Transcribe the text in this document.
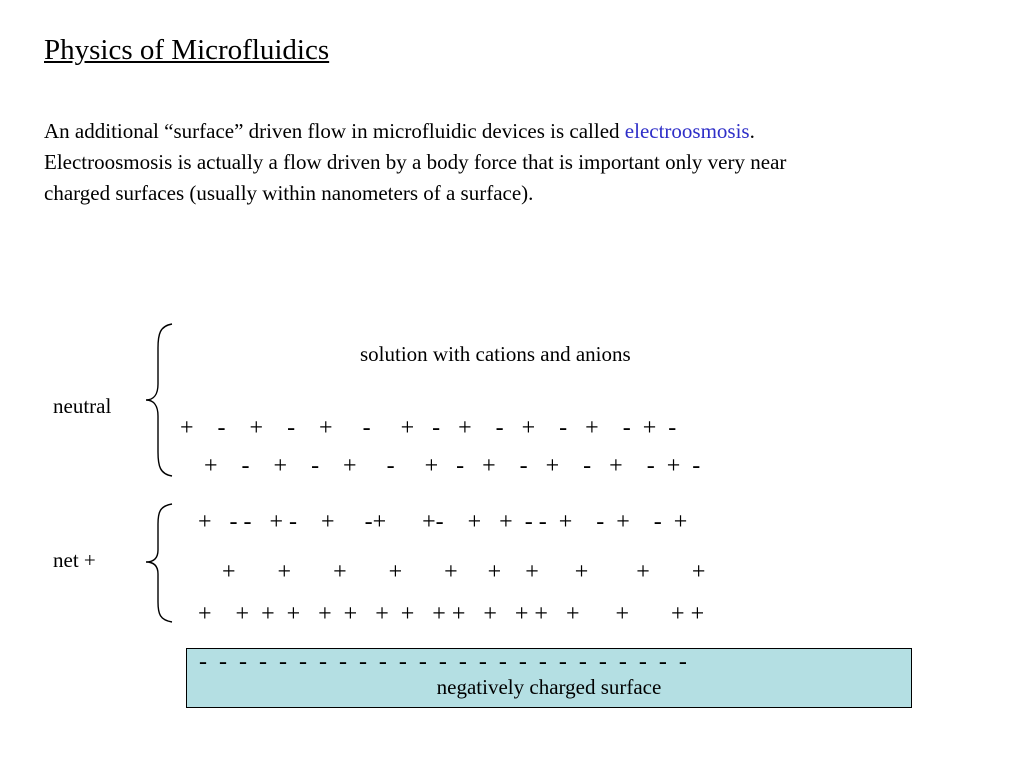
Physics of Microfluidics
An additional “surface” driven flow in microfluidic devices is called electroosmosis.
Electroosmosis is actually a flow driven by a body force that is important only very near
charged surfaces (usually within nanometers of a surface).
solution with cations and anions
neutral
+    -    +    -    +     -     +   -   +    -   +    -   +    -  +  -
+    -    +    -    +     -     +   -   +    -   +    -   +    -  +  -
net +
+   - -   + -    +     -+      +-    +   +  - -  +    -  +    -  +
+       +       +       +       +     +    +      +        +       +
+    +  +  +   +  +   +  +   + +   +   + +   +      +       + +
-  -  -  -  -  -  -  -  -  -  -  -  -  -  -  -  -  -  -  -  -  -  -  -  -
negatively charged surface
